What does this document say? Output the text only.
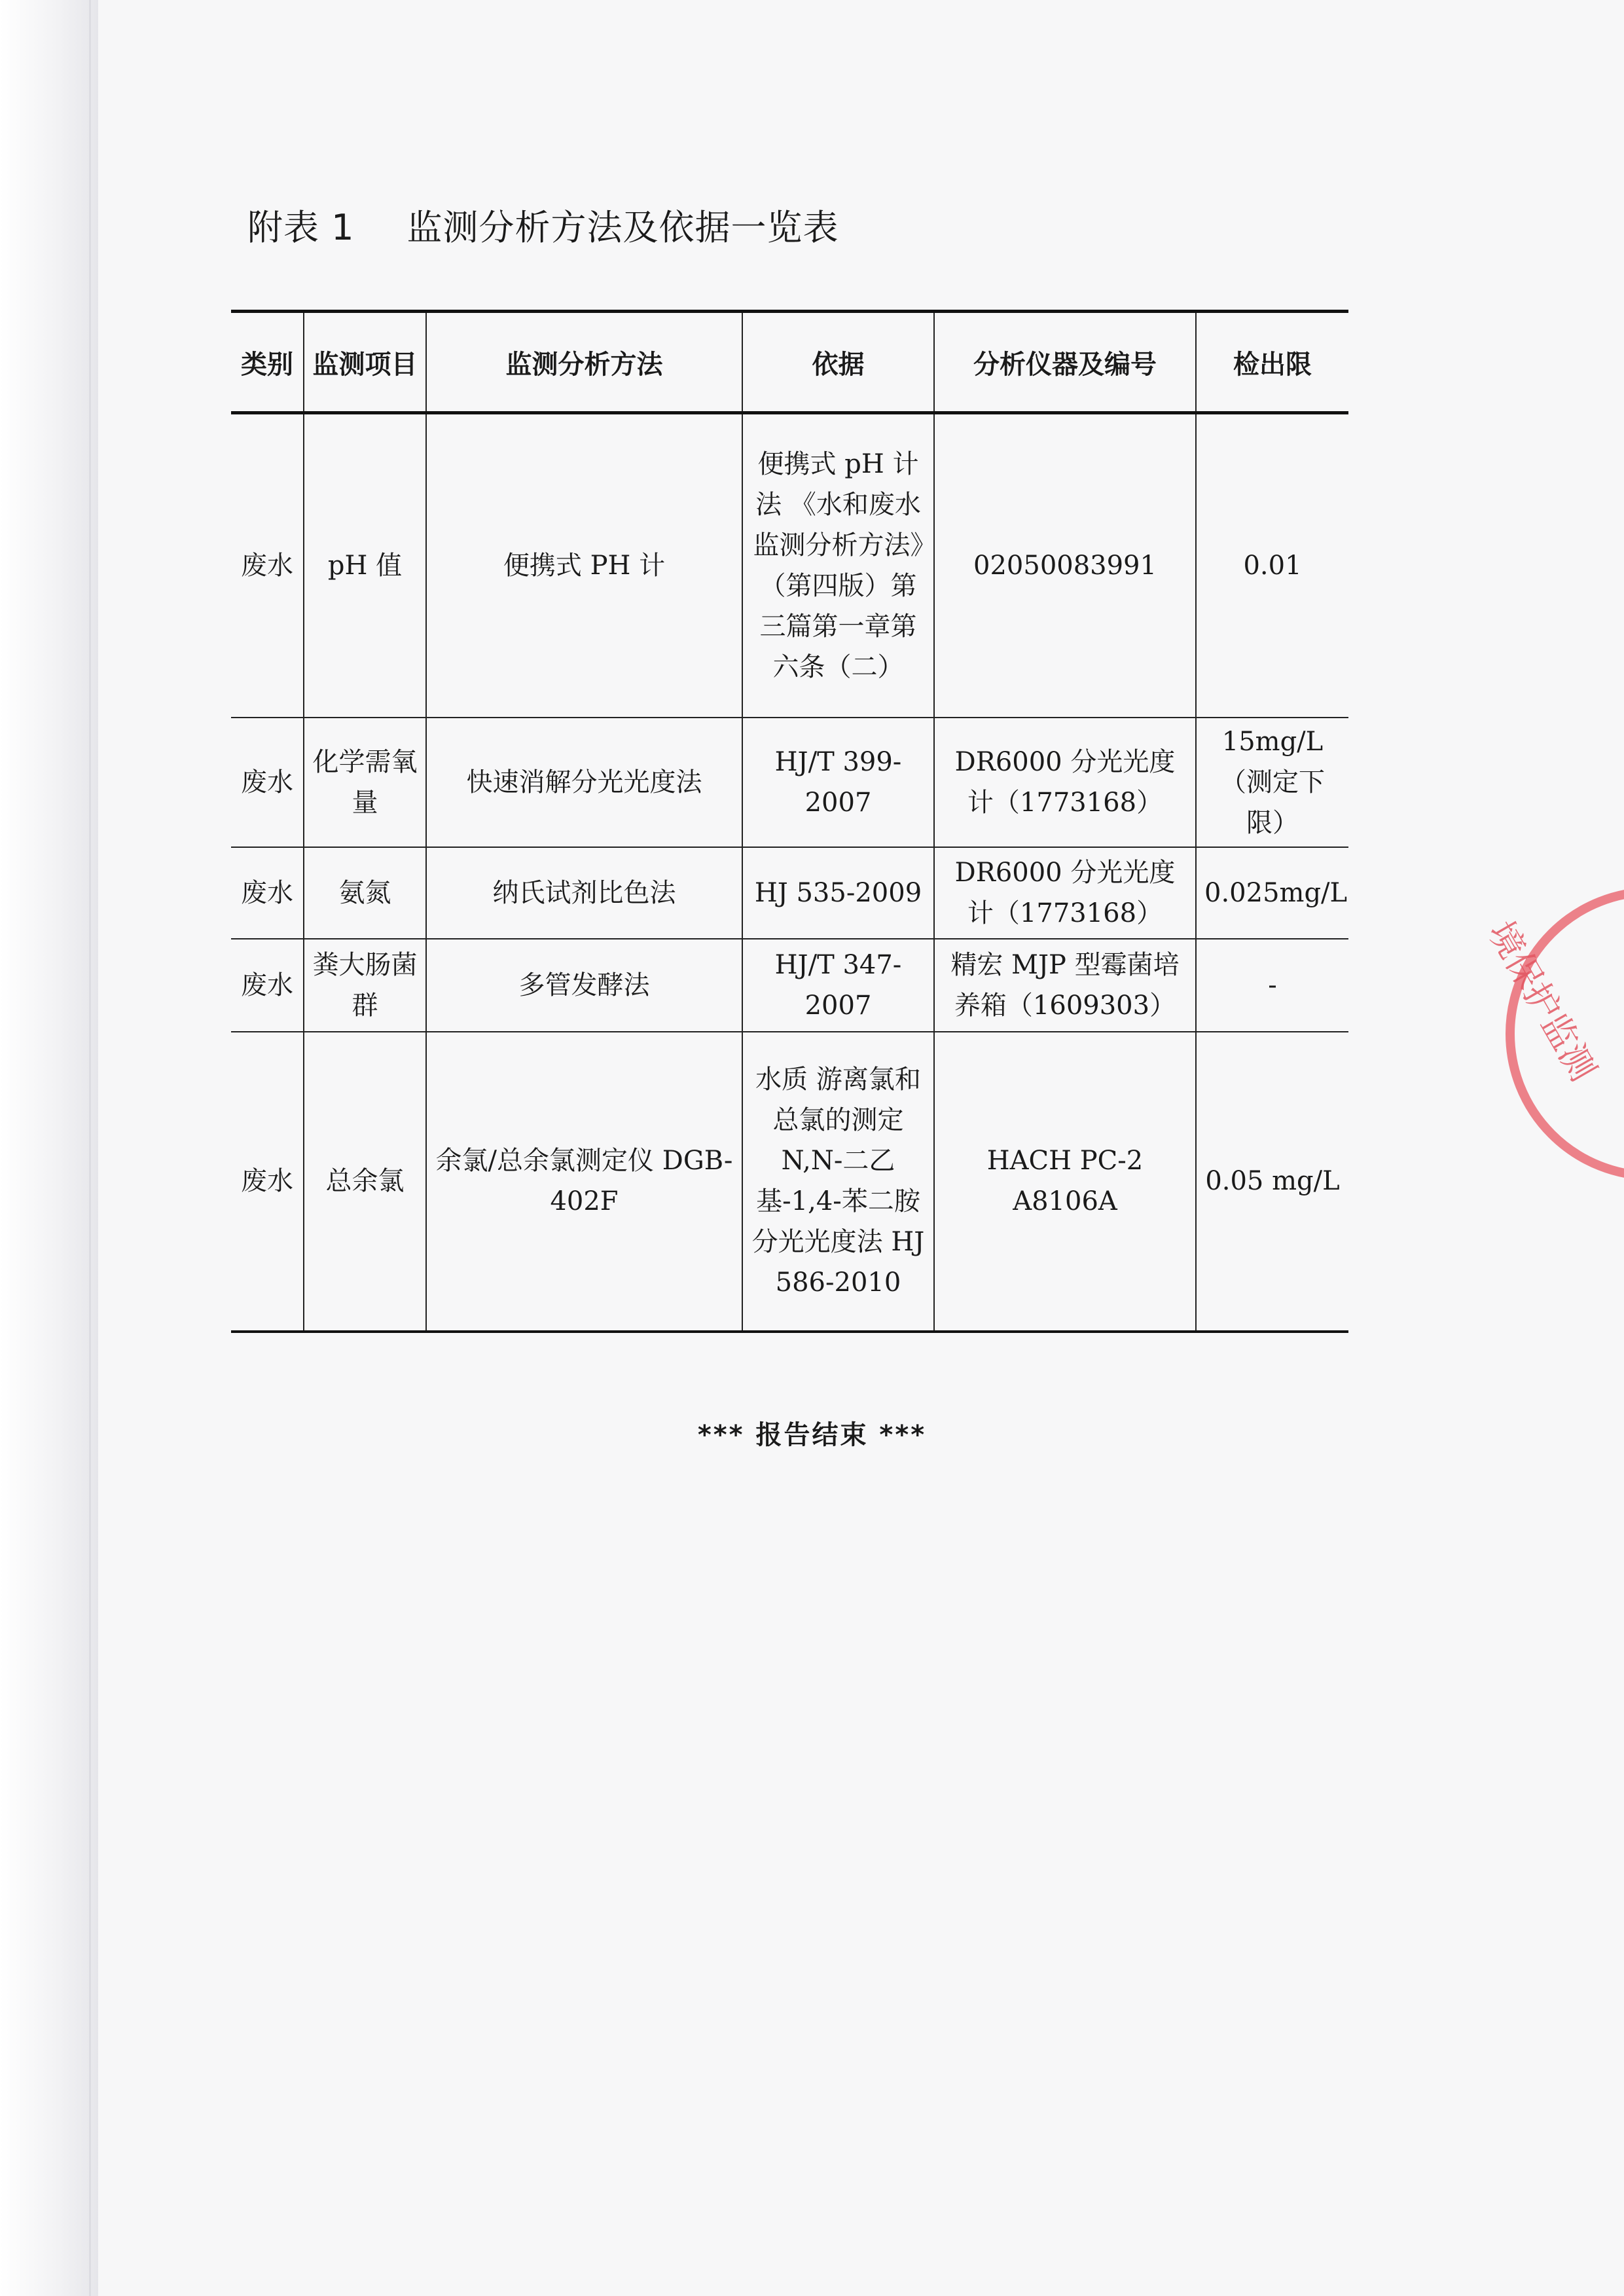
附表 1 监测分析方法及依据一览表
类别	监测项目	监测分析方法	依据	分析仪器及编号	检出限
废水	pH 值	便携式 PH 计	便携式 pH 计法 《水和废水监测分析方法》（第四版）第三篇第一章第六条（二）	02050083991	0.01
废水	化学需氧量	快速消解分光光度法	HJ/T 399-2007	DR6000 分光光度计（1773168）	15mg/L （测定下限）
废水	氨氮	纳氏试剂比色法	HJ 535-2009	DR6000 分光光度计（1773168）	0.025mg/L
废水	粪大肠菌群	多管发酵法	HJ/T 347-2007	精宏 MJP 型霉菌培养箱（1609303）	-
废水	总余氯	余氯/总余氯测定仪 DGB-402F	水质 游离氯和总氯的测定 N,N-二乙基-1,4-苯二胺分光光度法 HJ 586-2010	HACH PC-2 A8106A	0.05 mg/L
*** 报告结束 ***
境保护监测
